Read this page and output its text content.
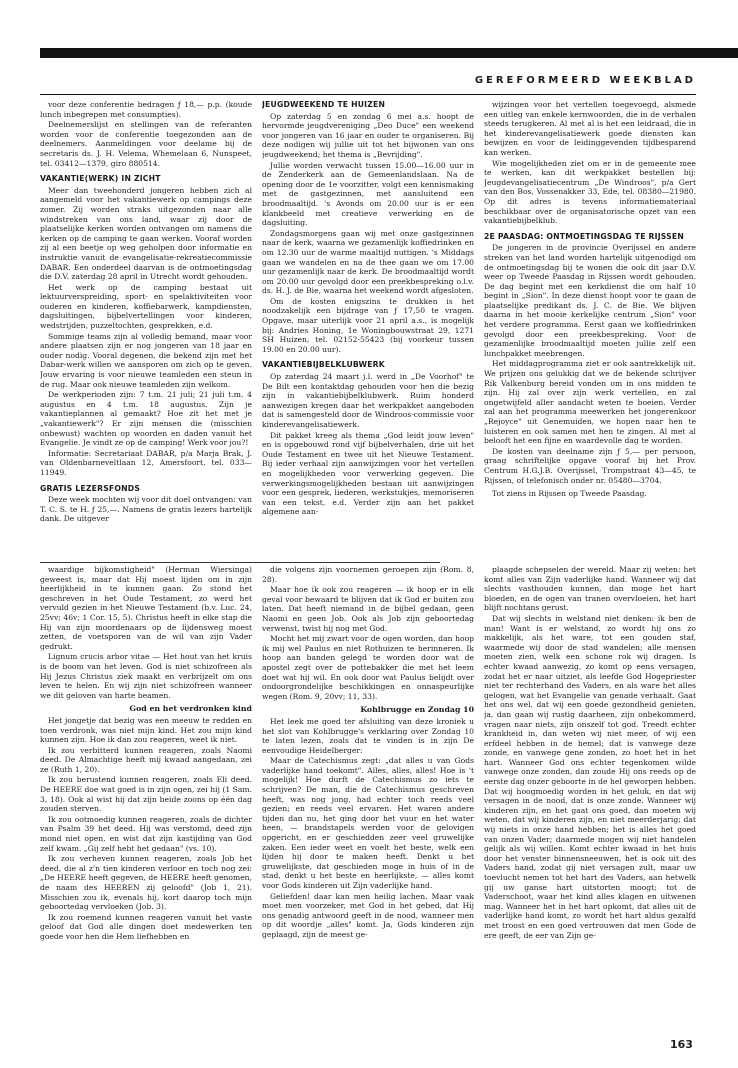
GEREFORMEERD WEEKBLAD

voor deze conferentie bedragen ƒ 18,— p.p. (koude lunch inbegrepen met consumpties).

Deelnemerslijst en stellingen van de referanten worden voor de conferentie toegezonden aan de deelnemers. Aanmeldingen voor deelame bij de secretaris ds. J. H. Velema, Whemelaan 6, Nunspeet, tel. 03412—1379, giro 880514.

VAKANTIE(WERK) IN ZICHT

Meer dan tweehonderd jongeren hebben zich al aangemeld voor het vakantiewerk op campings deze zomer. Zij worden straks uitgezonden naar alle windstreken van ons land, waar zij door de plaatselijke kerken worden ontvangen om namens die kerken op de camping te gaan werken. Vooraf worden zij al een beetje op weg geholpen door informatie en instruktie vanuit de evangelisatie-rekreatiecommissie DABAR. Een onderdeel daarvan is de ontmoetingsdag die D.V. zaterdag 28 april in Utrecht wordt gehouden.

Het werk op de camping bestaat uit lektuurverspreiding, sport- en spelaktiviteiten voor ouderen en kinderen, koffiebarwerk, kampdiensten, dagsluitingen, bijbelvertellingen voor kinderen, wedstrijden, puzzeltochten, gesprekken, e.d.

Sommige teams zijn al volledig bemand, maar voor andere plaatsen zijn er nog jongeren van 18 jaar en ouder nodig. Vooral degenen, die bekend zijn met het Dabar-werk willen we aansporen om zich op te geven. Jouw ervaring is voor nieuwe teamleden een steun in de rug. Maar ook nieuwe teamleden zijn welkom.

De werkperioden zijn: 7 t.m. 21 juli; 21 juli t.m. 4 augustus en 4 t.m. 18 augustus. Zijn je vakantieplannen al gemaakt? Hoe zit het met je „vakantiewerk"? Er zijn mensen die (misschien onbewust) wachten op woorden en daden vanuit het Evangelie. Je vindt ze op de camping! Werk voor jou?!

Informatie: Secretariaat DABAR, p/a Marja Brak, J. van Oldenbarneveltlaan 12, Amersfoort, tel. 033—11949.

GRATIS LEZERSFONDS

Deze week mochten wij voor dit doel ontvangen: van T. C. S. te H. ƒ 25,—. Namens de gratis lezers hartelijk dank. De uitgever

JEUGDWEEKEND TE HUIZEN

Op zaterdag 5 en zondag 6 mei a.s. hoopt de hervormde jeugdvereniging „Deo Duce" een weekend voor jongeren van 16 jaar en ouder te organiseren. Bij deze nodigen wij jullie uit tot het bijwonen van ons jeugdweekend; het thema is „Bevrijding".

Jullie worden verwacht tussen 15.00—16.00 uur in de Zenderkerk aan de Gemeenlandslaan. Na de opening door de 1e voorzitter, volgt een kennismaking met de gastgezinnen, met aansluitend een broodmaaltijd. 's Avonds om 20.00 uur is er een klankbeeld met creatieve verwerking en de dagsluiting.

Zondagsmorgens gaan wij met onze gastgezinnen naar de kerk, waarna we gezamenlijk koffiedrinken en om 12.30 uur de warme maaltijd nuttigen. 's Middags gaan we wandelen en na de thee gaan we om 17.00 uur gezamenlijk naar de kerk. De broodmaaltijd wordt om 20.00 uur gevolgd door een preekbespreking o.l.v. ds. H. J. de Bie, waarna het weekend wordt afgesloten.

Om de kosten enigszins te drukken is het noodzakelijk een bijdrage van ƒ 17,50 te vragen. Opgave, maar uiterlijk voor 21 april a.s., is mogelijk bij: Andries Honing, 1e Woningbouwstraat 29, 1271 SH Huizen, tel. 02152-55423 (bij voorkeur tussen 19.00 en 20.00 uur).

VAKANTIEBIJBELKLUBWERK

Op zaterdag 24 maart j.l. werd in „De Voorhof" te De Bilt een kontaktdag gehouden voor hen die bezig zijn in vakantiebijbelklubwerk. Ruim honderd aanwezigen kregen daar het werkpakket aangeboden dat is samengesteld door de Windroos-commissie voor kinderevangelisatiewerk.

Dit pakket kreeg als thema „God leidt jouw leven" en is opgebouwd rond vijf bijbelverhalen, drie uit het Oude Testament en twee uit het Nieuwe Testament. Bij ieder verhaal zijn aanwijzingen voor het vertellen en mogelijkheden voor verwerking gegeven. Die verwerkingsmogelijkheden bestaan uit aanwijzingen voor een gesprek, liederen, werkstukjes, memoriseren van een tekst, e.d. Verder zijn aan het pakket algemene aan-

wijzingen voor het vertellen toegevoegd, alsmede een uitleg van enkele kernwoorden, die in de verhalen steeds terugkeren. Al met al is het een leidraad, die in het kinderevangelisatiewerk goede diensten kan bewijzen en voor de leidinggevenden tijdbesparend kan werken.

Wie mogelijkheden ziet om er in de gemeente mee te werken, kan dit werkpakket bestellen bij: Jeugdevangelisatiecentrum „De Windroos", p/a Gert van den Bos, Vossenakker 33, Ede, tel. 08380—21980. Op dit adres is tevens informatiemateriaal beschikbaar over de organisatorische opzet van een vakantiebijbelklub.

2E PAASDAG: ONTMOETINGSDAG TE RIJSSEN

De jongeren in de provincie Overijssel en andere streken van het land worden hartelijk uitgenodigd om de ontmoetingsdag bij te wonen die ook dit jaar D.V. weer op Tweede Paasdag in Rijssen wordt gehouden. De dag begint met een kerkdienst die om half 10 begint in „Sion". In deze dienst hoopt voor te gaan de plaatselijke predikant ds. J. C. de Bie. We blijven daarna in het mooie kerkelijke centrum „Sion" voor het verdere programma. Eerst gaan we koffiedrinken gevolgd door een preekbespreking. Voor de gezamenlijke broodmaaltijd moeten jullie zelf een lunchpakket meebrengen.

Het middagprogramma ziet er ook aantrekkelijk uit. We prijzen ons gelukkig dat we de bekende schrijver Rik Valkenburg bereid vonden om in ons midden te zijn. Hij zal over zijn werk vertellen, en zal ongetwijfeld aller aandacht weten te boeien. Verder zal aan het programma meewerken het jongerenkoor „Rejoyce" uit Genemuiden, we hopen naar hen te luisteren en ook samen met hen te zingen. Al met al belooft het een fijne en waardevolle dag te worden.

De kosten van deelname zijn ƒ 5,— per persoon, graag schriftelijke opgave vooraf bij het Prov. Centrum H.G.J.B. Overijssel, Trompstraat 43—45, te Rijssen, of telefonisch onder nr. 05480—3704.

Tot ziens in Rijssen op Tweede Paasdag.

waardige bijkomstigheid" (Herman Wiersinga) geweest is, maar dat Hij moest lijden om in zijn heerlijkheid in te kunnen gaan. Zo stond het geschreven in het Oude Testament, zo werd het vervuld gezien in het Nieuwe Testament (b.v. Luc. 24, 25vv; 46v; 1 Cor. 15, 5). Christus heeft in elke stap die Hij van zijn moordenaars op de lijdensweg moest zetten, de voetsporen van de wil van zijn Vader gedrukt.

Lignum crucis arbor vitae — Het hout van het kruis is de boom van het leven. God is niet schizofreen als Hij Jezus Christus ziek maakt en verbrijzelt om ons leven te helen. En wij zijn niet schizofreen wanneer we dit geloven van harte beamen.

God en het verdronken kind

Het jongetje dat bezig was een meeuw te redden en toen verdronk, was niet mijn kind. Het zou mijn kind kunnen zijn. Hoe ik dan zou reageren, weet ik niet.

Ik zou verbitterd kunnen reageren, zoals Naomi deed. De Almachtige heeft mij kwaad aangedaan, zei ze (Ruth 1, 20).

Ik zou berustend kunnen reageren, zoals Eli deed. De HEERE doe wat goed is in zijn ogen, zei hij (1 Sam. 3, 18). Ook al wist hij dat zijn beide zoons op één dag zouden sterven.

Ik zou ootmoedig kunnen reageren, zoals de dichter van Psalm 39 het deed. Hij was verstomd, deed zijn mond niet open, en wist dat zijn kastijding van God zelf kwam. „Gij zelf hebt het gedaan" (vs. 10).

Ik zou verheven kunnen reageren, zoals Job het deed, die al z'n tien kinderen verloor en toch nog zei: „De HEERE heeft gegeven, de HEERE heeft genomen, de naam des HEEREN zij geloofd" (Job 1, 21). Misschien zou ik, evenals hij, kort daarop toch mijn geboortedag vervloeken (Job. 3).

Ik zou roemend kunnen reageren vanuit het vaste geloof dat God alle dingen doet medewerken ten goede voor hen die Hem liefhebben en

die volgens zijn voornemen geroepen zijn (Rom. 8, 28).

Maar hoe ik ook zou reageren — ik hoop er in elk geval voor bewaard te blijven dat ik God er buiten zou laten. Dat heeft niemand in de bijbel gedaan, geen Naomi en geen Job. Ook als Job zijn geboortedag verwenst, twist hij nog met God.

Mocht het mij zwart voor de ogen worden, dan hoop ik mij wel Paulus en niet Rothuizen te herinneren. Ik hoop aan banden gelegd te worden door wat de apostel zegt over de pottebakker die met het leem doet wat hij wil. En ook door wat Paulus belijdt over ondoorgrondelijke beschikkingen en onnaspeurlijke wegen (Rom. 9, 20vv; 11, 33).

Kohlbrugge en Zondag 10

Het leek me goed ter afsluiting van deze kroniek u het slot van Kohlbrugge's verklaring over Zondag 10 te laten lezen, zoals dat te vinden is in zijn De eenvoudige Heidelberger:

Maar de Catechismus zegt: „dat alles u van Gods vaderlijke hand toekomt". Alles, alles, alles! Hoe is 't mogelijk! Hoe durft de Catechismus zo iets te schrijven? De man, die de Catechismus geschreven heeft, was nog jong, had echter toch reeds veel gezien; en reeds veel ervaren. Het waren andere tijden dan nu, het ging door het vuur en het water heen, — brandstapels werden voor de gelovigen opgericht, en er geschiedden zeer veel gruwelijke zaken. Een ieder weet en voelt het beste, welk een lijden hij door te maken heeft. Denkt u het gruwelijkste, dat geschieden moge in huis of in de stad, denkt u het beste en heerlijkste, — alles komt voor Gods kinderen uit Zijn vaderlijke hand.

Geliefden! daar kan men heilig lachen. Maar vaak moet men voorzeker, met God in het gebed, dat Hij ons genadig antwoord geeft in de nood, wanneer men op dit woordje „alles" komt. Ja, Gods kinderen zijn geplaagd, zijn de meest ge-

plaagde schepselen der wereld. Maar zij weten: het komt alles van Zijn vaderlijke hand. Wanneer wij dat slechts vasthouden kunnen, dan moge het hart bloeden, en de ogen van tranen overvloeien, het hart blijft nochtans gerust.

Dat wij slechts in welstand niet denken: ik ben de man! Want is er welstand, zo wordt hij ons zo makkelijk, als het ware, tot een gouden staf, waarmede wij door de stad wandelen; alle mensen moeten zien, welk een schone rok wij dragen. Is echter kwaad aanwezig, zo komt op eens versagen, zodat het er naar uitziet, als leefde God Hogepriester niet ter rechterhand des Vaders, en als ware het alles gelogen, wat het Evangelie van genade verhaalt. Gaat het ons wel, dat wij een goede gezondheid genieten, ja, dan gaan wij rustig daarheen, zijn onbekommerd, vragen naar niets, zijn onszelf tot god. Treedt echter krankheid in, dan weten wij niet meer, of wij een erfdeel hebben in de hemel; dat is vanwege deze zonde, en vanwege gene zonden, zo hoet het in het hart. Wanneer God ons echter tegenkomen wilde vanwege onze zonden, dan zoude Hij ons reeds op de eerste dag onzer geboorte in de hel geworpen hebben. Dat wij hoogmoedig worden in het geluk, en dat wij versagen in de nood, dat is onze zonde. Wanneer wij kinderen zijn, en het gaat ons goed, dan moeten wij weten, dat wij kinderen zijn, en niet meerderjarig; dat wij niets in onze hand hebben; het is alles het goed van onzen Vader; daarmede mogen wij niet handelen gelijk als wij willen. Komt echter kwaad in het huis door het venster binnensneeuwen, het is ook uit des Vaders hand, zodat gij niet versagen zult, maar uw toevlucht nemen tot het hart des Vaders, aan hetwelk gij uw ganse hart uitstorten moogt; tot de Vaderschoot, waar het kind alles klagen en uitwenen mag. Wanneer het in het hart opkomt, dat alles uit de vaderlijke hand komt, zo wordt het hart aldus gezalfd met troost en een goed vertrouwen dat men Gode de ere geeft, de eer van Zijn ge-

163
